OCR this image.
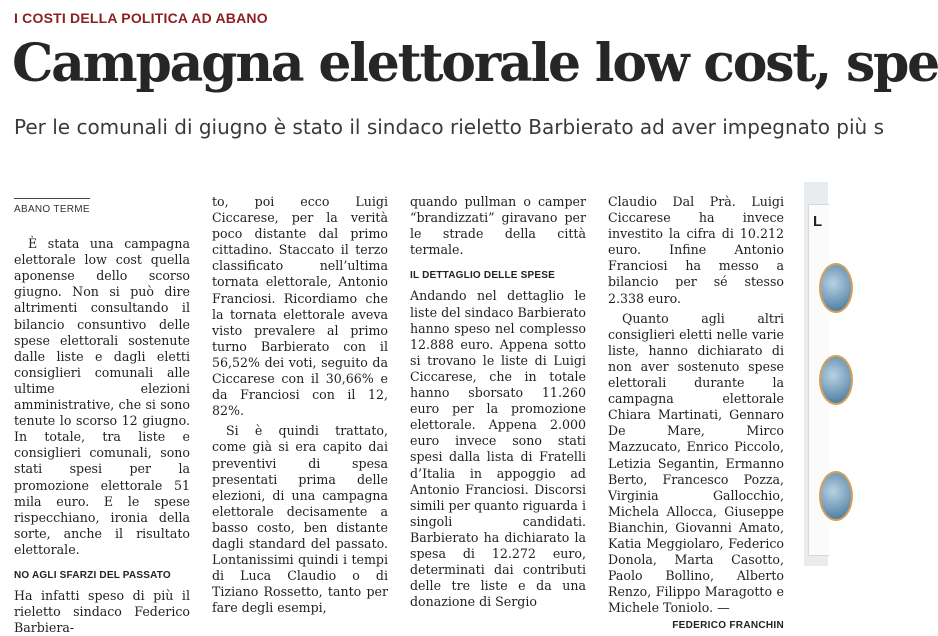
I COSTI DELLA POLITICA AD ABANO
Campagna elettorale low cost, spe
Per le comunali di giugno è stato il sindaco rieletto Barbierato ad aver impegnato più s
ABANO TERME

È stata una campagna elettorale low cost quella aponense dello scorso giugno. Non si può dire altrimenti consultando il bilancio consuntivo delle spese elettorali sostenute dalle liste e dagli eletti consiglieri comunali alle ultime elezioni amministrative, che si sono tenute lo scorso 12 giugno. In totale, tra liste e consiglieri comunali, sono stati spesi per la promozione elettorale 51 mila euro. E le spese rispecchiano, ironia della sorte, anche il risultato elettorale.

NO AGLI SFARZI DEL PASSATO

Ha infatti speso di più il rieletto sindaco Federico Barbiera-

to, poi ecco Luigi Ciccarese, per la verità poco distante dal primo cittadino. Staccato il terzo classificato nell’ultima tornata elettorale, Antonio Franciosi. Ricordiamo che la tornata elettorale aveva visto prevalere al primo turno Barbierato con il 56,52% dei voti, seguito da Ciccarese con il 30,66% e da Franciosi con il 12, 82%.

Si è quindi trattato, come già si era capito dai preventivi di spesa presentati prima delle elezioni, di una campagna elettorale decisamente a basso costo, ben distante dagli standard del passato. Lontanissimi quindi i tempi di Luca Claudio o di Tiziano Rossetto, tanto per fare degli esempi,

quando pullman o camper “brandizzati” giravano per le strade della città termale.

IL DETTAGLIO DELLE SPESE

Andando nel dettaglio le liste del sindaco Barbierato hanno speso nel complesso 12.888 euro. Appena sotto si trovano le liste di Luigi Ciccarese, che in totale hanno sborsato 11.260 euro per la promozione elettorale. Appena 2.000 euro invece sono stati spesi dalla lista di Fratelli d’Italia in appoggio ad Antonio Franciosi. Discorsi simili per quanto riguarda i singoli candidati. Barbierato ha dichiarato la spesa di 12.272 euro, determinati dai contributi delle tre liste e da una donazione di Sergio

Claudio Dal Prà. Luigi Ciccarese ha invece investito la cifra di 10.212 euro. Infine Antonio Franciosi ha messo a bilancio per sé stesso 2.338 euro.

Quanto agli altri consiglieri eletti nelle varie liste, hanno dichiarato di non aver sostenuto spese elettorali durante la campagna elettorale Chiara Martinati, Gennaro De Mare, Mirco Mazzucato, Enrico Piccolo, Letizia Segantin, Ermanno Berto, Francesco Pozza, Virginia Gallocchio, Michela Allocca, Giuseppe Bianchin, Giovanni Amato, Katia Meggiolaro, Federico Donola, Marta Casotto, Paolo Bollino, Alberto Renzo, Filippo Maragotto e Michele Toniolo. —

FEDERICO FRANCHIN
L
